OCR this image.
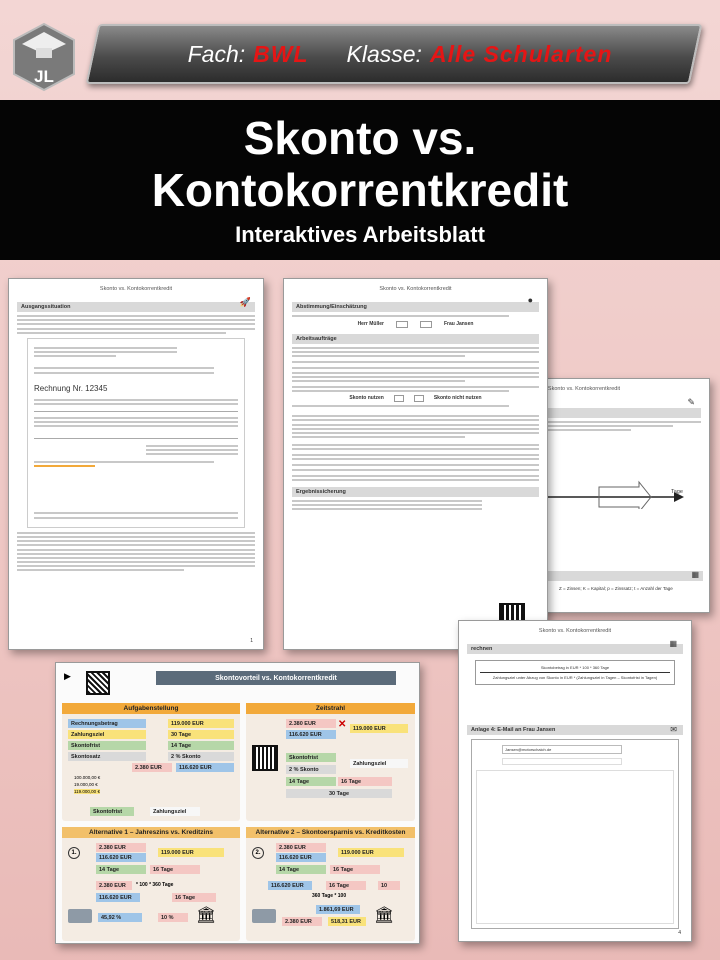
JL
Fach: BWL Klasse: Alle Schularten
Skonto vs.
Kontokorrentkredit
Interaktives Arbeitsblatt
Skonto vs. Kontokorrentkredit
✎

Tage
▦
Z = Zinsen; K = Kapital; p = Zinssatz; t = Anzahl der Tage
Skonto vs. Kontokorrentkredit
🚀
Ausgangssituation
Rechnung Nr. 12345
1
Skonto vs. Kontokorrentkredit
●
Abstimmung/Einschätzung
Herr Müller	Frau Jansen
Arbeitsaufträge
Skonto nutzen	Skonto nicht nutzen
Ergebnissicherung
Skonto vs. Kontokorrentkredit
rechnen
▦
Skontobetrag in EUR * 100 * 360 Tage
Zahlungsziel unter Abzug von Skonto in EUR * (Zahlungsziel in Tagen – Skontofrist in Tagen)
Anlage 4: E-Mail an Frau Jansen	✉
Jansen@motorschaich.de
4
▶	Skontovorteil vs. Kontokorrentkredit
Aufgabenstellung
Rechnungsbetrag	119.000 EUR
Zahlungsziel	30 Tage
Skontofrist	14 Tage
Skontosatz	2 % Skonto
2.380 EUR	116.620 EUR
100.000,00 €
19.000,00 €
119.000,00 €
Skontofrist	Zahlungsziel
Zeitstrahl
2.380 EUR
116.620 EUR
119.000 EUR
✕
Skontofrist
Zahlungsziel
2 % Skonto
14 Tage	16 Tage
30 Tage
Alternative 1 – Jahreszins vs. Kreditzins
1.
2.380 EUR
116.620 EUR
119.000 EUR
14 Tage	16 Tage
2.380 EUR	* 100 * 360 Tage
116.620 EUR	16 Tage
45,92 %	10 %	🏛
Alternative 2 – Skontoersparnis vs. Kreditkosten
2.
2.380 EUR
116.620 EUR
119.000 EUR
14 Tage	16 Tage
116.620 EUR	16 Tage	10
360 Tage * 100
1.861,69 EUR
2.380 EUR	518,31 EUR 🏛
